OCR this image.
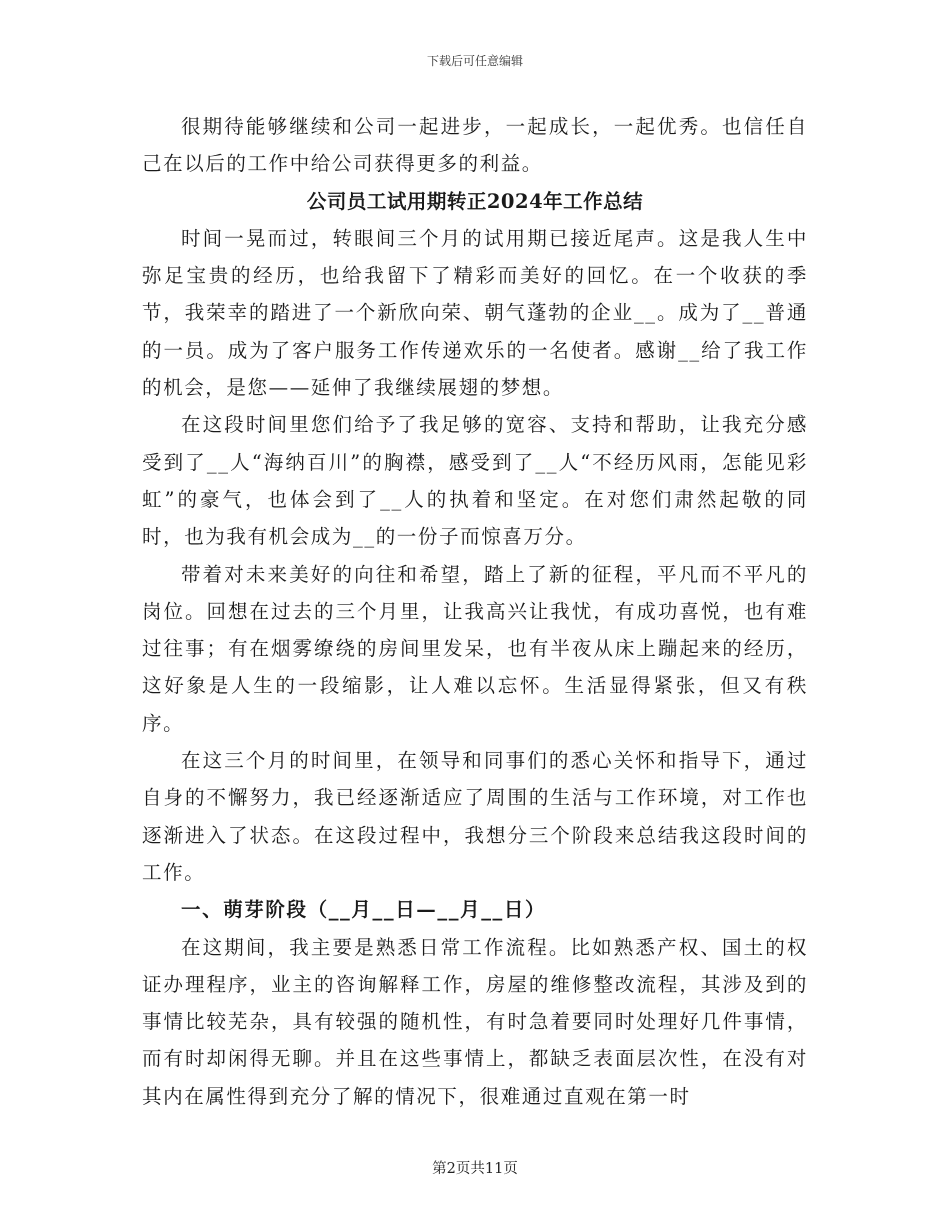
下载后可任意编辑

很期待能够继续和公司一起进步，一起成长，一起优秀。也信任自己在以后的工作中给公司获得更多的利益。

公司员工试用期转正2024年工作总结

时间一晃而过，转眼间三个月的试用期已接近尾声。这是我人生中弥足宝贵的经历，也给我留下了精彩而美好的回忆。在一个收获的季节，我荣幸的踏进了一个新欣向荣、朝气蓬勃的企业__。成为了__普通的一员。成为了客户服务工作传递欢乐的一名使者。感谢__给了我工作的机会，是您——延伸了我继续展翅的梦想。

在这段时间里您们给予了我足够的宽容、支持和帮助，让我充分感受到了__人“海纳百川”的胸襟，感受到了__人“不经历风雨，怎能见彩虹”的豪气，也体会到了__人的执着和坚定。在对您们肃然起敬的同时，也为我有机会成为__的一份子而惊喜万分。

带着对未来美好的向往和希望，踏上了新的征程，平凡而不平凡的岗位。回想在过去的三个月里，让我高兴让我忧，有成功喜悦，也有难过往事；有在烟雾缭绕的房间里发呆，也有半夜从床上蹦起来的经历，这好象是人生的一段缩影，让人难以忘怀。生活显得紧张，但又有秩序。

在这三个月的时间里，在领导和同事们的悉心关怀和指导下，通过自身的不懈努力，我已经逐渐适应了周围的生活与工作环境，对工作也逐渐进入了状态。在这段过程中，我想分三个阶段来总结我这段时间的工作。

一、萌芽阶段（__月__日—__月__日）

在这期间，我主要是熟悉日常工作流程。比如熟悉产权、国土的权证办理程序，业主的咨询解释工作，房屋的维修整改流程，其涉及到的事情比较芜杂，具有较强的随机性，有时急着要同时处理好几件事情，而有时却闲得无聊。并且在这些事情上，都缺乏表面层次性，在没有对其内在属性得到充分了解的情况下，很难通过直观在第一时

第2页共11页
